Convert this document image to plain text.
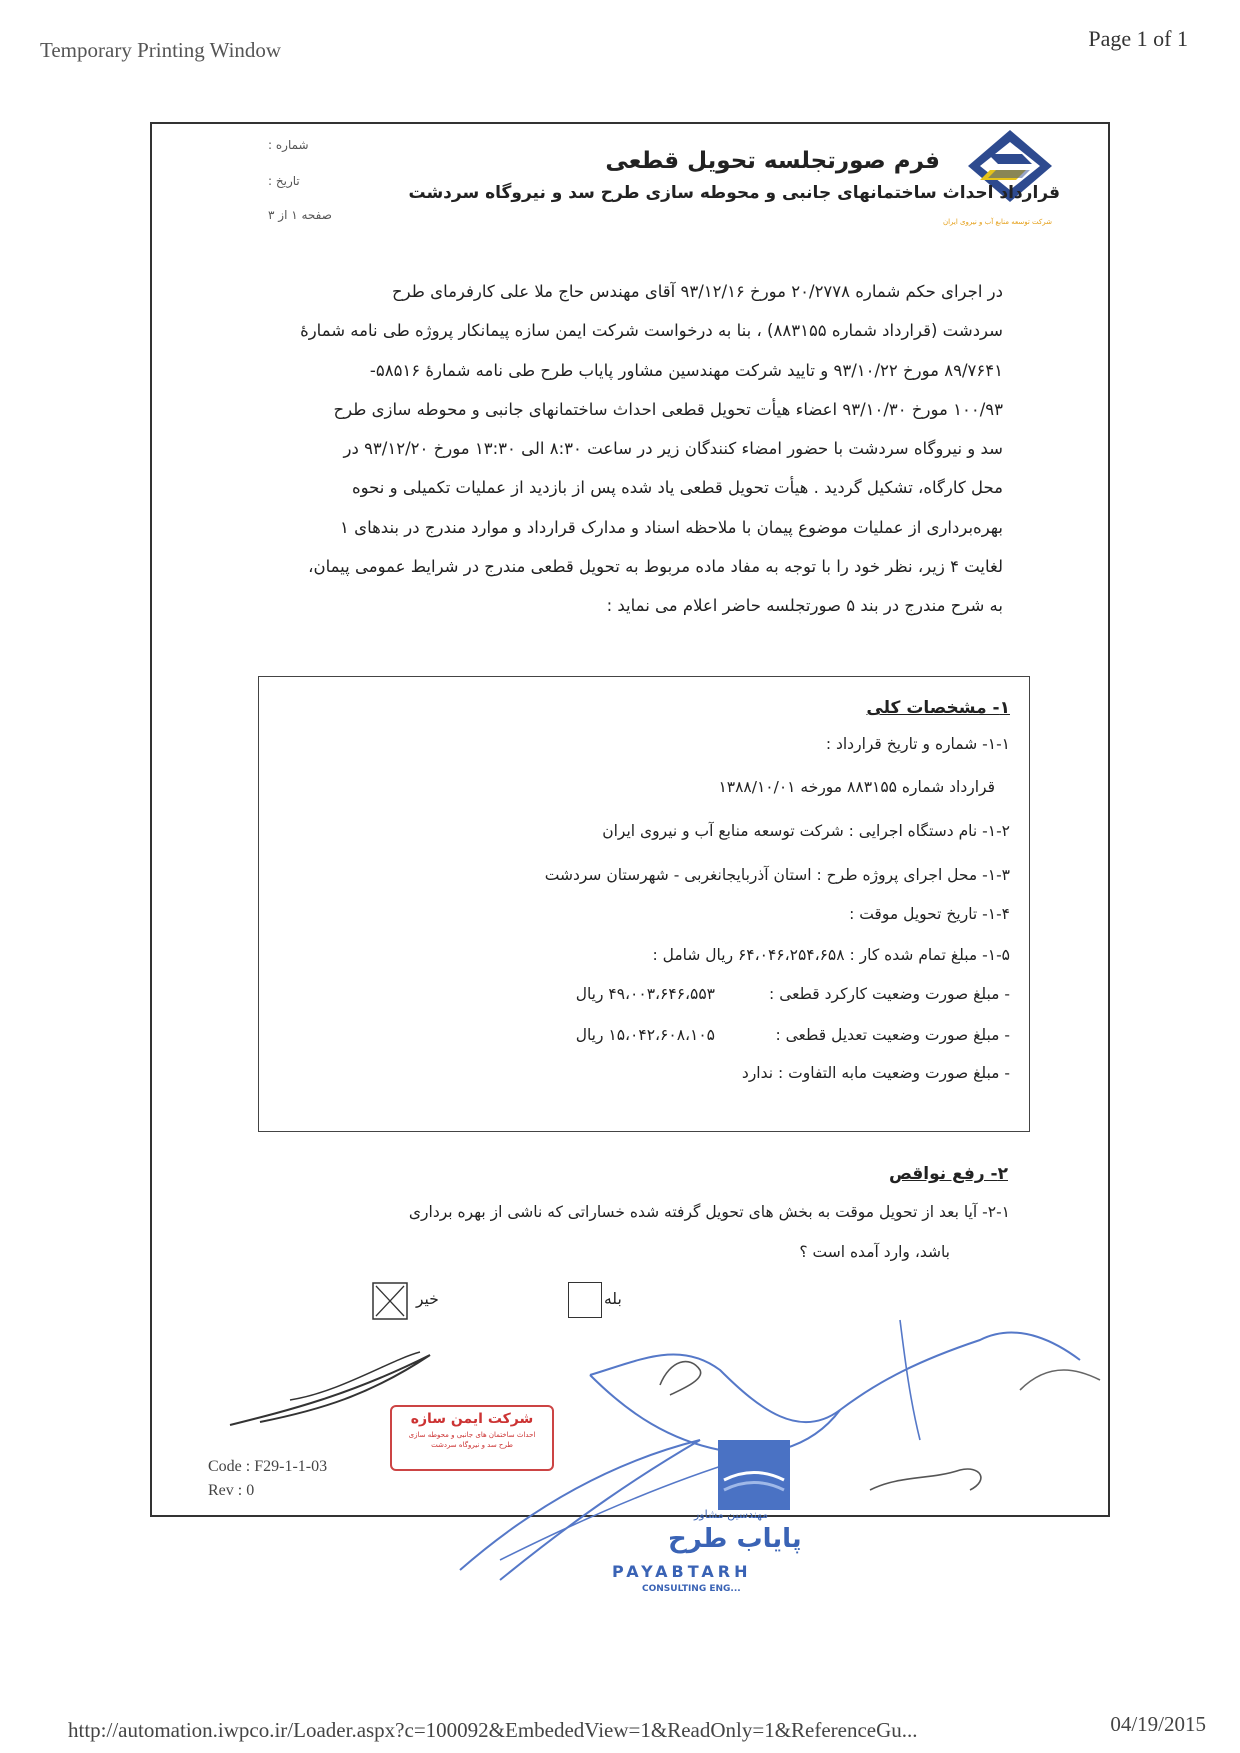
Temporary Printing Window	Page 1 of 1
شرکت توسعه منابع آب و نیروی ایران
فرم صورتجلسه تحویل قطعی
قرارداد احداث ساختمانهای جانبی و محوطه سازی طرح سد و نیروگاه سردشت
شماره :
تاریخ :
صفحه ۱ از ۳
در اجرای حکم شماره ۲۰/۲۷۷۸ مورخ ۹۳/۱۲/۱۶ آقای مهندس حاج ملا علی کارفرمای طرح
سردشت (قرارداد شماره ۸۸۳۱۵۵) ، بنا به درخواست شرکت ایمن سازه پیمانکار پروژه طی نامه شمارهٔ
۸۹/۷۶۴۱ مورخ ۹۳/۱۰/۲۲ و تایید شرکت مهندسین مشاور پایاب طرح طی نامه شمارهٔ ۵۸۵۱۶-
۱۰۰/۹۳ مورخ ۹۳/۱۰/۳۰ اعضاء هیأت تحویل قطعی احداث ساختمانهای جانبی و محوطه سازی طرح
سد و نیروگاه سردشت با حضور امضاء کنندگان زیر در ساعت ۸:۳۰ الی ۱۳:۳۰ مورخ ۹۳/۱۲/۲۰ در
محل کارگاه، تشکیل گردید . هیأت تحویل قطعی یاد شده پس از بازدید از عملیات تکمیلی و نحوه
بهره‌برداری از عملیات موضوع پیمان با ملاحظه اسناد و مدارک قرارداد و موارد مندرج در بندهای ۱
لغایت ۴ زیر، نظر خود را با توجه به مفاد ماده مربوط به تحویل قطعی مندرج در شرایط عمومی پیمان،
به شرح مندرج در بند ۵ صورتجلسه حاضر اعلام می نماید :
۱- مشخصات کلی
۱-۱- شماره و تاریخ قرارداد :
قرارداد شماره ۸۸۳۱۵۵ مورخه ۱۳۸۸/۱۰/۰۱
۱-۲- نام دستگاه اجرایی : شرکت توسعه منابع آب و نیروی ایران
۱-۳- محل اجرای پروژه طرح : استان آذربایجانغربی - شهرستان سردشت
۱-۴- تاریخ تحویل موقت :
۱-۵- مبلغ تمام شده کار : ۶۴،۰۴۶،۲۵۴،۶۵۸ ریال شامل :
- مبلغ صورت وضعیت کارکرد قطعی :
۴۹،۰۰۳،۶۴۶،۵۵۳ ریال
- مبلغ صورت وضعیت تعدیل قطعی :
۱۵،۰۴۲،۶۰۸،۱۰۵ ریال
- مبلغ صورت وضعیت مابه التفاوت : ندارد
۲- رفع نواقص
۲-۱- آیا بعد از تحویل موقت به بخش های تحویل گرفته شده خساراتی که ناشی از بهره برداری
باشد، وارد آمده است ؟
بله
خیر
Code : F29-1-1-03
Rev : 0
شرکت ایمن سازه
احداث ساختمان های جانبی و محوطه سازی
طرح سد و نیروگاه سردشت
مهندسین مشاور
پایاب طرح
PAYABTARH
CONSULTING ENG...
http://automation.iwpco.ir/Loader.aspx?c=100092&EmbededView=1&ReadOnly=1&ReferenceGu...	04/19/2015
